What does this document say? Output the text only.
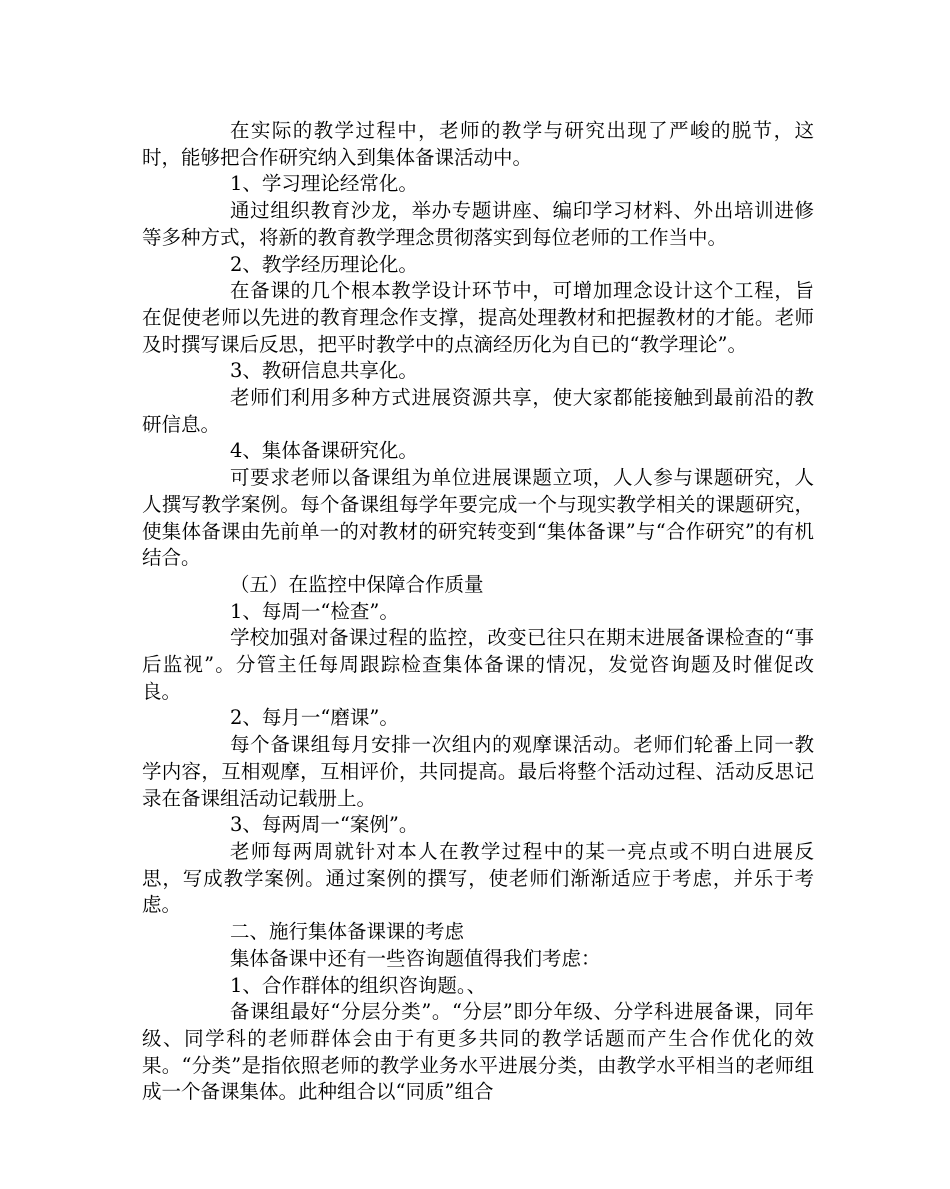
在实际的教学过程中，老师的教学与研究出现了严峻的脱节，这时，能够把合作研究纳入到集体备课活动中。

1、学习理论经常化。

通过组织教育沙龙，举办专题讲座、编印学习材料、外出培训进修等多种方式，将新的教育教学理念贯彻落实到每位老师的工作当中。

2、教学经历理论化。

在备课的几个根本教学设计环节中，可增加理念设计这个工程，旨在促使老师以先进的教育理念作支撑，提高处理教材和把握教材的才能。老师及时撰写课后反思，把平时教学中的点滴经历化为自已的“教学理论”。

3、教研信息共享化。

老师们利用多种方式进展资源共享，使大家都能接触到最前沿的教研信息。

4、集体备课研究化。

可要求老师以备课组为单位进展课题立项，人人参与课题研究，人人撰写教学案例。每个备课组每学年要完成一个与现实教学相关的课题研究，使集体备课由先前单一的对教材的研究转变到“集体备课”与“合作研究”的有机结合。

（五）在监控中保障合作质量

1、每周一“检查”。

学校加强对备课过程的监控，改变已往只在期末进展备课检查的“事后监视”。分管主任每周跟踪检查集体备课的情况，发觉咨询题及时催促改良。

2、每月一“磨课”。

每个备课组每月安排一次组内的观摩课活动。老师们轮番上同一教学内容，互相观摩，互相评价，共同提高。最后将整个活动过程、活动反思记录在备课组活动记载册上。

3、每两周一“案例”。

老师每两周就针对本人在教学过程中的某一亮点或不明白进展反思，写成教学案例。通过案例的撰写，使老师们渐渐适应于考虑，并乐于考虑。

二、施行集体备课课的考虑

集体备课中还有一些咨询题值得我们考虑：

1、合作群体的组织咨询题。、

备课组最好“分层分类”。“分层”即分年级、分学科进展备课，同年级、同学科的老师群体会由于有更多共同的教学话题而产生合作优化的效果。“分类”是指依照老师的教学业务水平进展分类，由教学水平相当的老师组成一个备课集体。此种组合以“同质”组合
